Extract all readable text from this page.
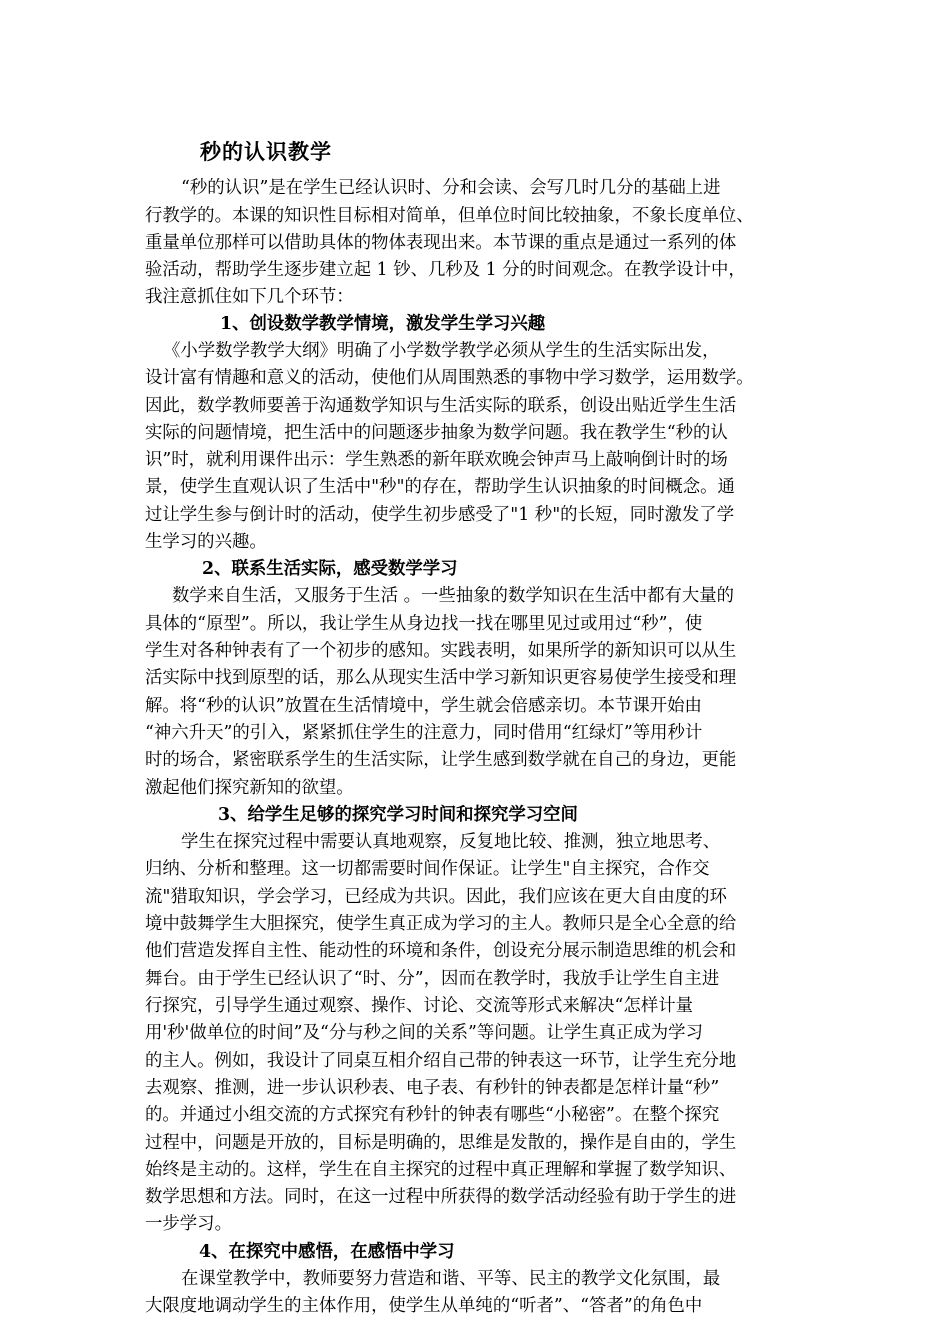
秒的认识教学
“秒的认识”是在学生已经认识时、分和会读、会写几时几分的基础上进
行教学的。本课的知识性目标相对简单，但单位时间比较抽象，不象长度单位、
重量单位那样可以借助具体的物体表现出来。本节课的重点是通过一系列的体
验活动，帮助学生逐步建立起 1 钞、几秒及 1 分的时间观念。在教学设计中，
我注意抓住如下几个环节：
1、创设数学教学情境，激发学生学习兴趣
《小学数学教学大纲》明确了小学数学教学必须从学生的生活实际出发，
设计富有情趣和意义的活动，使他们从周围熟悉的事物中学习数学，运用数学。
因此，数学教师要善于沟通数学知识与生活实际的联系，创设出贴近学生生活
实际的问题情境，把生活中的问题逐步抽象为数学问题。我在教学生“秒的认
识”时，就利用课件出示：学生熟悉的新年联欢晚会钟声马上敲响倒计时的场
景，使学生直观认识了生活中"秒"的存在，帮助学生认识抽象的时间概念。通
过让学生参与倒计时的活动，使学生初步感受了"1 秒"的长短，同时激发了学
生学习的兴趣。
2、联系生活实际，感受数学学习
数学来自生活，又服务于生活 。一些抽象的数学知识在生活中都有大量的
具体的“原型”。所以，我让学生从身边找一找在哪里见过或用过“秒”，使
学生对各种钟表有了一个初步的感知。实践表明，如果所学的新知识可以从生
活实际中找到原型的话，那么从现实生活中学习新知识更容易使学生接受和理
解。将“秒的认识”放置在生活情境中，学生就会倍感亲切。本节课开始由
“神六升天”的引入，紧紧抓住学生的注意力，同时借用“红绿灯”等用秒计
时的场合，紧密联系学生的生活实际，让学生感到数学就在自己的身边，更能
激起他们探究新知的欲望。
3、给学生足够的探究学习时间和探究学习空间
学生在探究过程中需要认真地观察，反复地比较、推测，独立地思考、
归纳、分析和整理。这一切都需要时间作保证。让学生"自主探究，合作交
流"猎取知识，学会学习，已经成为共识。因此，我们应该在更大自由度的环
境中鼓舞学生大胆探究，使学生真正成为学习的主人。教师只是全心全意的给
他们营造发挥自主性、能动性的环境和条件，创设充分展示制造思维的机会和
舞台。由于学生已经认识了“时、分”，因而在教学时，我放手让学生自主进
行探究，引导学生通过观察、操作、讨论、交流等形式来解决“怎样计量
用'秒'做单位的时间”及“分与秒之间的关系”等问题。让学生真正成为学习
的主人。例如，我设计了同桌互相介绍自己带的钟表这一环节，让学生充分地
去观察、推测，进一步认识秒表、电子表、有秒针的钟表都是怎样计量“秒”
的。并通过小组交流的方式探究有秒针的钟表有哪些“小秘密”。在整个探究
过程中，问题是开放的，目标是明确的，思维是发散的，操作是自由的，学生
始终是主动的。这样，学生在自主探究的过程中真正理解和掌握了数学知识、
数学思想和方法。同时，在这一过程中所获得的数学活动经验有助于学生的进
一步学习。
4、在探究中感悟，在感悟中学习
在课堂教学中，教师要努力营造和谐、平等、民主的教学文化氛围，最
大限度地调动学生的主体作用，使学生从单纯的“听者”、“答者”的角色中
